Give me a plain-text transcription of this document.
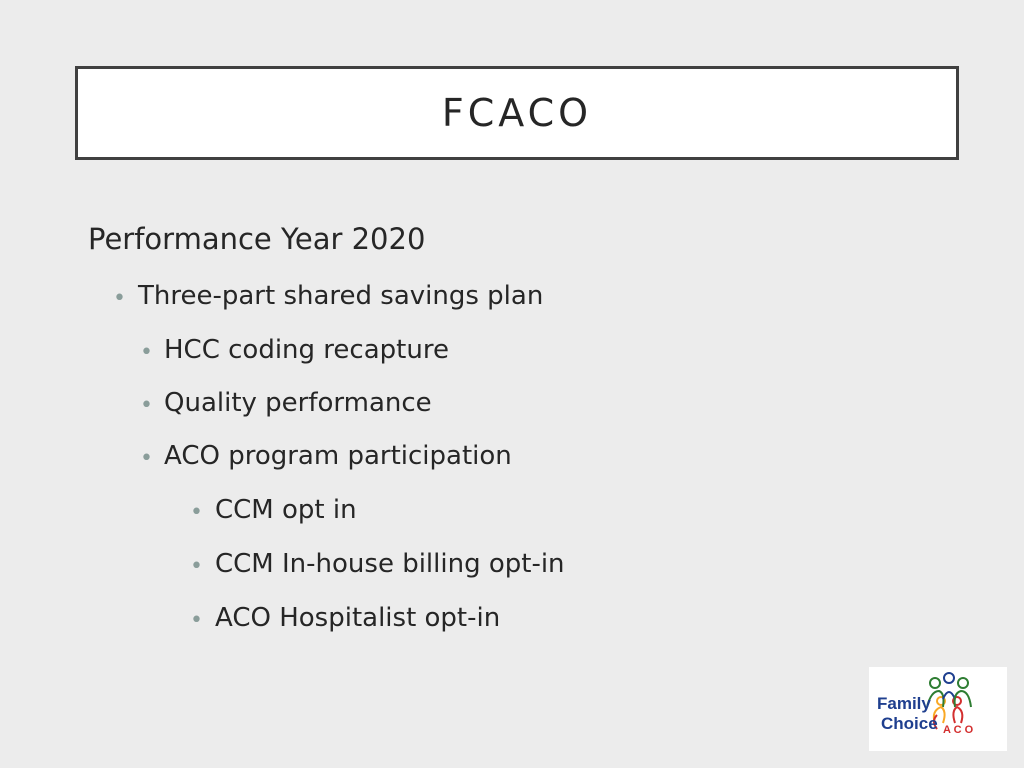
FCACO
Performance Year 2020
• Three-part shared savings plan
• HCC coding recapture
• Quality performance
• ACO program participation
• CCM opt in
• CCM In-house billing opt-in
• ACO Hospitalist opt-in
Family
Choice A C O
